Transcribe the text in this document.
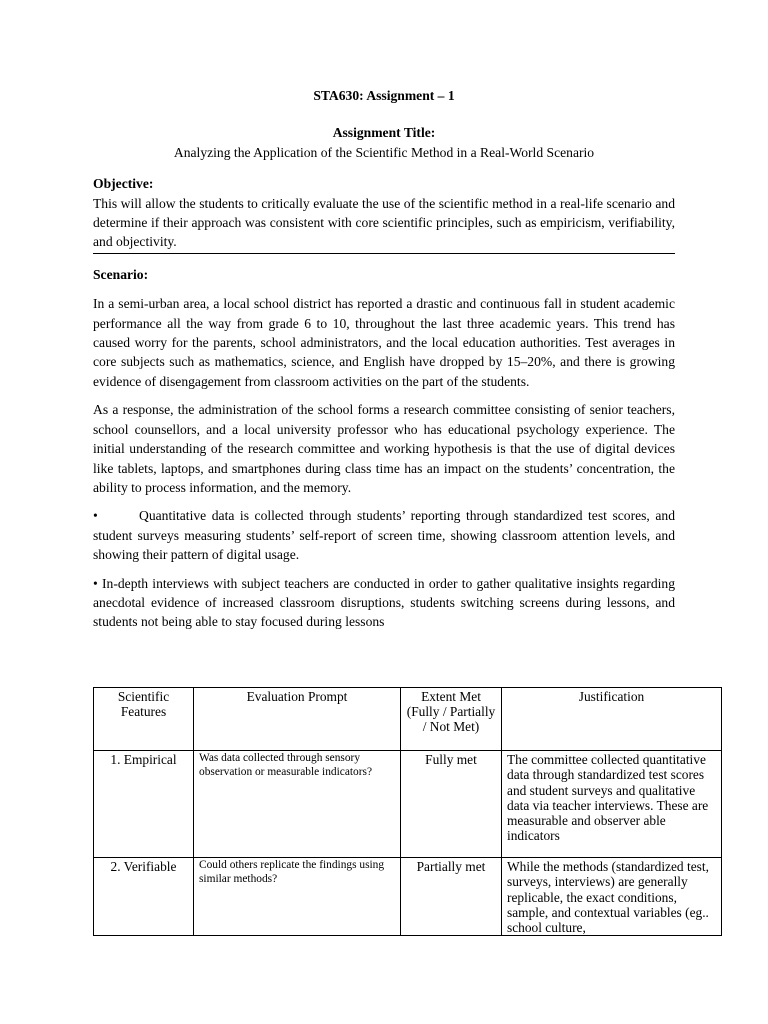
STA630: Assignment – 1

Assignment Title:

Analyzing the Application of the Scientific Method in a Real-World Scenario

Objective:

This will allow the students to critically evaluate the use of the scientific method in a real-life scenario and determine if their approach was consistent with core scientific principles, such as empiricism, verifiability, and objectivity.

Scenario:

In a semi-urban area, a local school district has reported a drastic and continuous fall in student academic performance all the way from grade 6 to 10, throughout the last three academic years. This trend has caused worry for the parents, school administrators, and the local education authorities. Test averages in core subjects such as mathematics, science, and English have dropped by 15–20%, and there is growing evidence of disengagement from classroom activities on the part of the students.

As a response, the administration of the school forms a research committee consisting of senior teachers, school counsellors, and a local university professor who has educational psychology experience. The initial understanding of the research committee and working hypothesis is that the use of digital devices like tablets, laptops, and smartphones during class time has an impact on the students’ concentration, the ability to process information, and the memory.

•	Quantitative data is collected through students’ reporting through standardized test scores, and student surveys measuring students’ self-report of screen time, showing classroom attention levels, and showing their pattern of digital usage.

• In-depth interviews with subject teachers are conducted in order to gather qualitative insights regarding anecdotal evidence of increased classroom disruptions, students switching screens during lessons, and students not being able to stay focused during lessons

Scientific Features	Evaluation Prompt	Extent Met (Fully / Partially / Not Met)	Justification
1. Empirical	Was data collected through sensory observation or measurable indicators?	Fully met	The committee collected quantitative data through standardized test scores and student surveys and qualitative data via teacher interviews. These are measurable and observer able indicators
2. Verifiable	Could others replicate the findings using similar methods?	Partially met	While the methods (standardized test, surveys, interviews) are generally replicable, the exact conditions, sample, and contextual variables (eg.. school culture,
